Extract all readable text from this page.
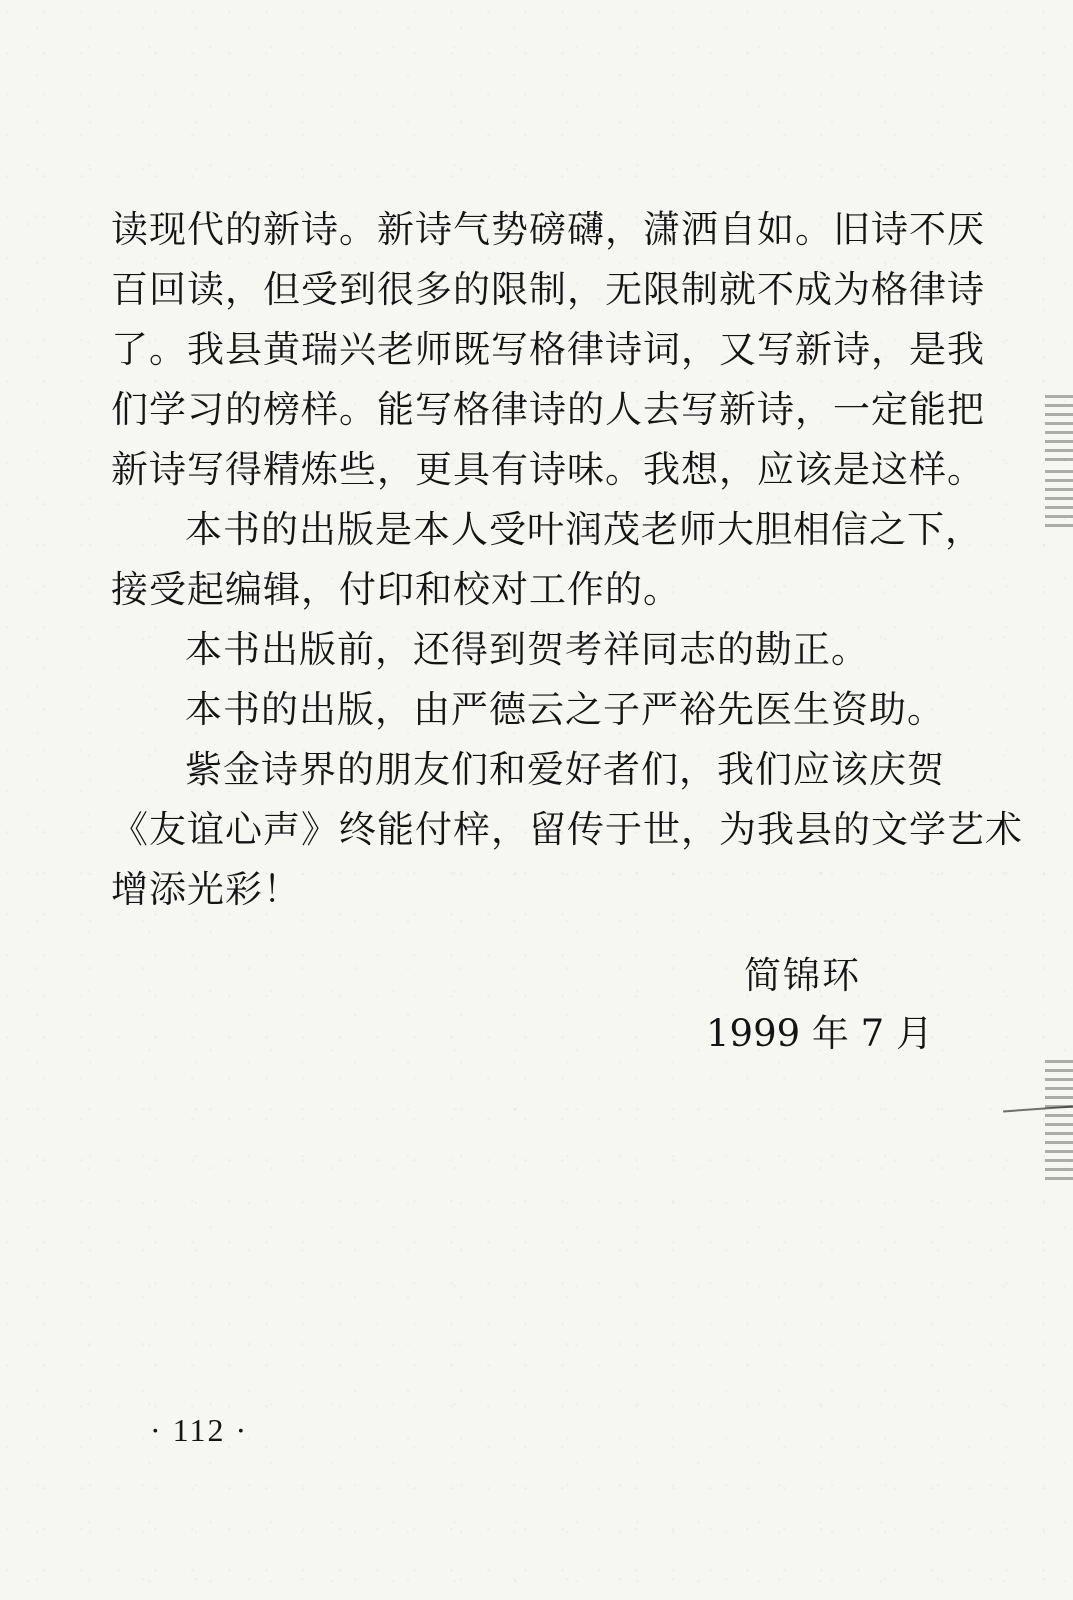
读现代的新诗。新诗气势磅礴，潇洒自如。旧诗不厌
百回读，但受到很多的限制，无限制就不成为格律诗
了。我县黄瑞兴老师既写格律诗词，又写新诗，是我
们学习的榜样。能写格律诗的人去写新诗，一定能把
新诗写得精炼些，更具有诗味。我想，应该是这样。
本书的出版是本人受叶润茂老师大胆相信之下，
接受起编辑，付印和校对工作的。
本书出版前，还得到贺考祥同志的勘正。
本书的出版，由严德云之子严裕先医生资助。
紫金诗界的朋友们和爱好者们，我们应该庆贺
《友谊心声》终能付梓，留传于世，为我县的文学艺术
增添光彩！
简锦环
1999 年 7 月
· 112 ·
